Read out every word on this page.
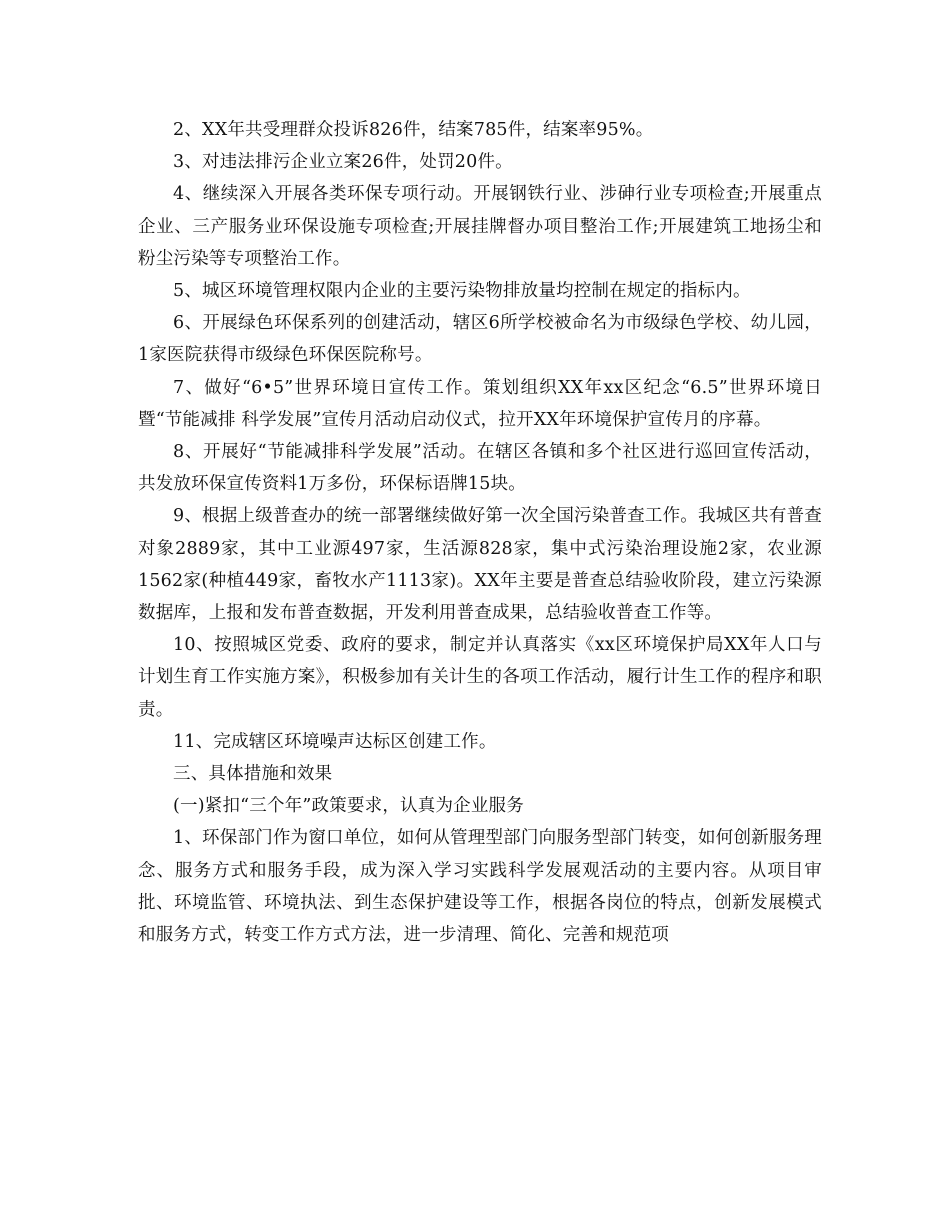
2、XX年共受理群众投诉826件，结案785件，结案率95%。

3、对违法排污企业立案26件，处罚20件。

4、继续深入开展各类环保专项行动。开展钢铁行业、涉砷行业专项检查;开展重点企业、三产服务业环保设施专项检查;开展挂牌督办项目整治工作;开展建筑工地扬尘和粉尘污染等专项整治工作。

5、城区环境管理权限内企业的主要污染物排放量均控制在规定的指标内。

6、开展绿色环保系列的创建活动，辖区6所学校被命名为市级绿色学校、幼儿园，1家医院获得市级绿色环保医院称号。

7、做好“6•5”世界环境日宣传工作。策划组织XX年xx区纪念“6.5”世界环境日暨“节能减排 科学发展”宣传月活动启动仪式，拉开XX年环境保护宣传月的序幕。

8、开展好“节能减排科学发展”活动。在辖区各镇和多个社区进行巡回宣传活动，共发放环保宣传资料1万多份，环保标语牌15块。

9、根据上级普查办的统一部署继续做好第一次全国污染普查工作。我城区共有普查对象2889家，其中工业源497家，生活源828家，集中式污染治理设施2家，农业源1562家(种植449家，畜牧水产1113家)。XX年主要是普查总结验收阶段，建立污染源数据库，上报和发布普查数据，开发利用普查成果，总结验收普查工作等。

10、按照城区党委、政府的要求，制定并认真落实《xx区环境保护局XX年人口与计划生育工作实施方案》，积极参加有关计生的各项工作活动，履行计生工作的程序和职责。

11、完成辖区环境噪声达标区创建工作。

三、具体措施和效果

(一)紧扣“三个年”政策要求，认真为企业服务

1、环保部门作为窗口单位，如何从管理型部门向服务型部门转变，如何创新服务理念、服务方式和服务手段，成为深入学习实践科学发展观活动的主要内容。从项目审批、环境监管、环境执法、到生态保护建设等工作，根据各岗位的特点，创新发展模式和服务方式，转变工作方式方法，进一步清理、简化、完善和规范项
